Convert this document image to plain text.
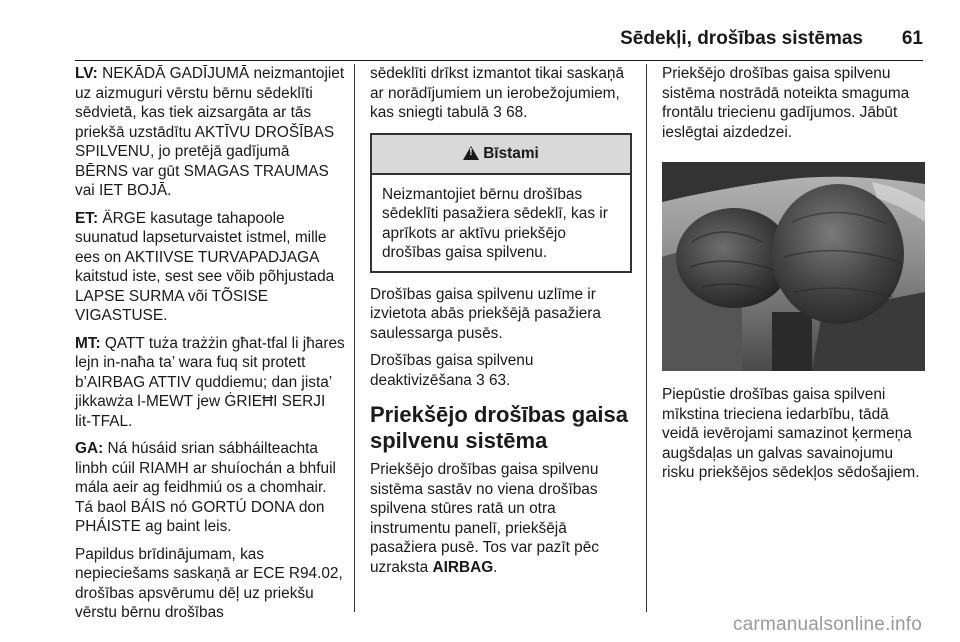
Sēdekļi, drošības sistēmas 61

LV: NEKĀDĀ GADĪJUMĀ neizmantojiet uz aizmuguri vērstu bērnu sēdeklīti sēdvietā, kas tiek aizsargāta ar tās priekšā uzstādītu AKTĪVU DROŠĪBAS SPILVENU, jo pretējā gadījumā BĒRNS var gūt SMAGAS TRAUMAS vai IET BOJĀ.

ET: ÄRGE kasutage tahapoole suunatud lapseturvaistet istmel, mille ees on AKTIIVSE TURVAPADJAGA kaitstud iste, sest see võib põhjustada LAPSE SURMA või TÕSISE VIGASTUSE.

MT: QATT tuża trażżin għat-tfal li jħares lejn in-naħa ta’ wara fuq sit protett b’AIRBAG ATTIV quddiemu; dan jista’ jikkawża l-MEWT jew ĠRIEĦI SERJI lit-TFAL.

GA: Ná húsáid srian sábháilteachta linbh cúil RIAMH ar shuíochán a bhfuil mála aeir ag feidhmiú os a chomhair. Tá baol BÁIS nó GORTÚ DONA don PHÁISTE ag baint leis.

Papildus brīdinājumam, kas nepieciešams saskaņā ar ECE R94.02, drošības apsvērumu dēļ uz priekšu vērstu bērnu drošības

sēdeklīti drīkst izmantot tikai saskaņā ar norādījumiem un ierobežojumiem, kas sniegti tabulā 3 68.

!
Bīstami
Neizmantojiet bērnu drošības sēdeklīti pasažiera sēdeklī, kas ir aprīkots ar aktīvu priekšējo drošības gaisa spilvenu.

Drošības gaisa spilvenu uzlīme ir izvietota abās priekšējā pasažiera saulessarga pusēs.

Drošības gaisa spilvenu deaktivizēšana 3 63.

Priekšējo drošības gaisa spilvenu sistēma

Priekšējo drošības gaisa spilvenu sistēma sastāv no viena drošības spilvena stūres ratā un otra instrumentu panelī, priekšējā pasažiera pusē. Tos var pazīt pēc uzraksta AIRBAG.

Priekšējo drošības gaisa spilvenu sistēma nostrādā noteikta smaguma frontālu triecienu gadījumos. Jābūt ieslēgtai aizdedzei.

Piepūstie drošības gaisa spilveni mīkstina trieciena iedarbību, tādā veidā ievērojami samazinot ķermeņa augšdaļas un galvas savainojumu risku priekšējos sēdekļos sēdošajiem.

carmanualsonline.info
